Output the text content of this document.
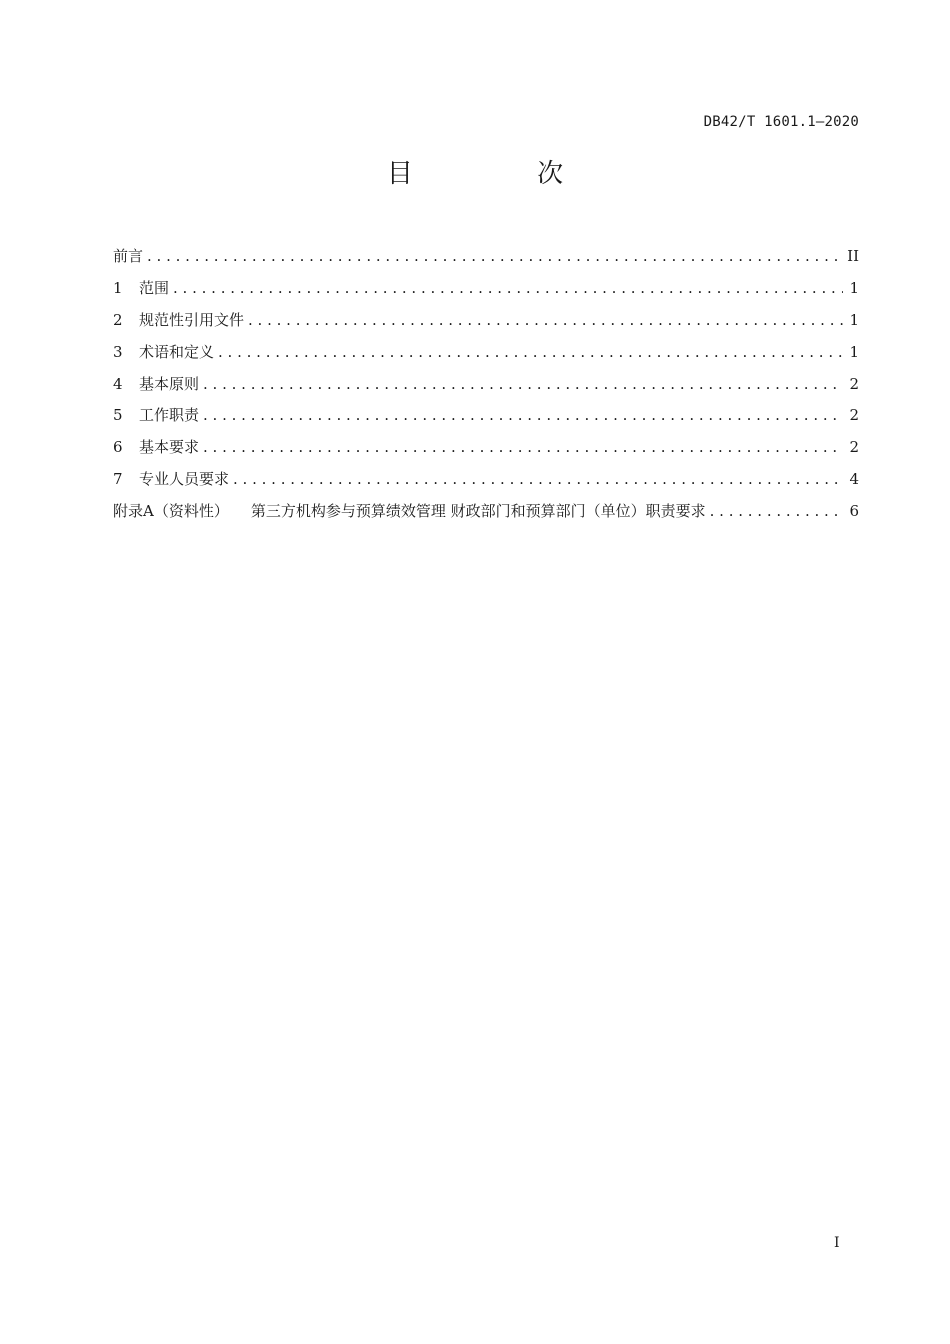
DB42/T 1601.1—2020
目 次
前言 . . .	II
1	范围 . . .	1
2	规范性引用文件 . . .	1
3	术语和定义 . . .	1
4	基本原则 . . .	2
5	工作职责 . . .	2
6	基本要求 . . .	2
7	专业人员要求 . . .	4
附录A（资料性） 第三方机构参与预算绩效管理 财政部门和预算部门（单位）职责要求 . . .	6
I
